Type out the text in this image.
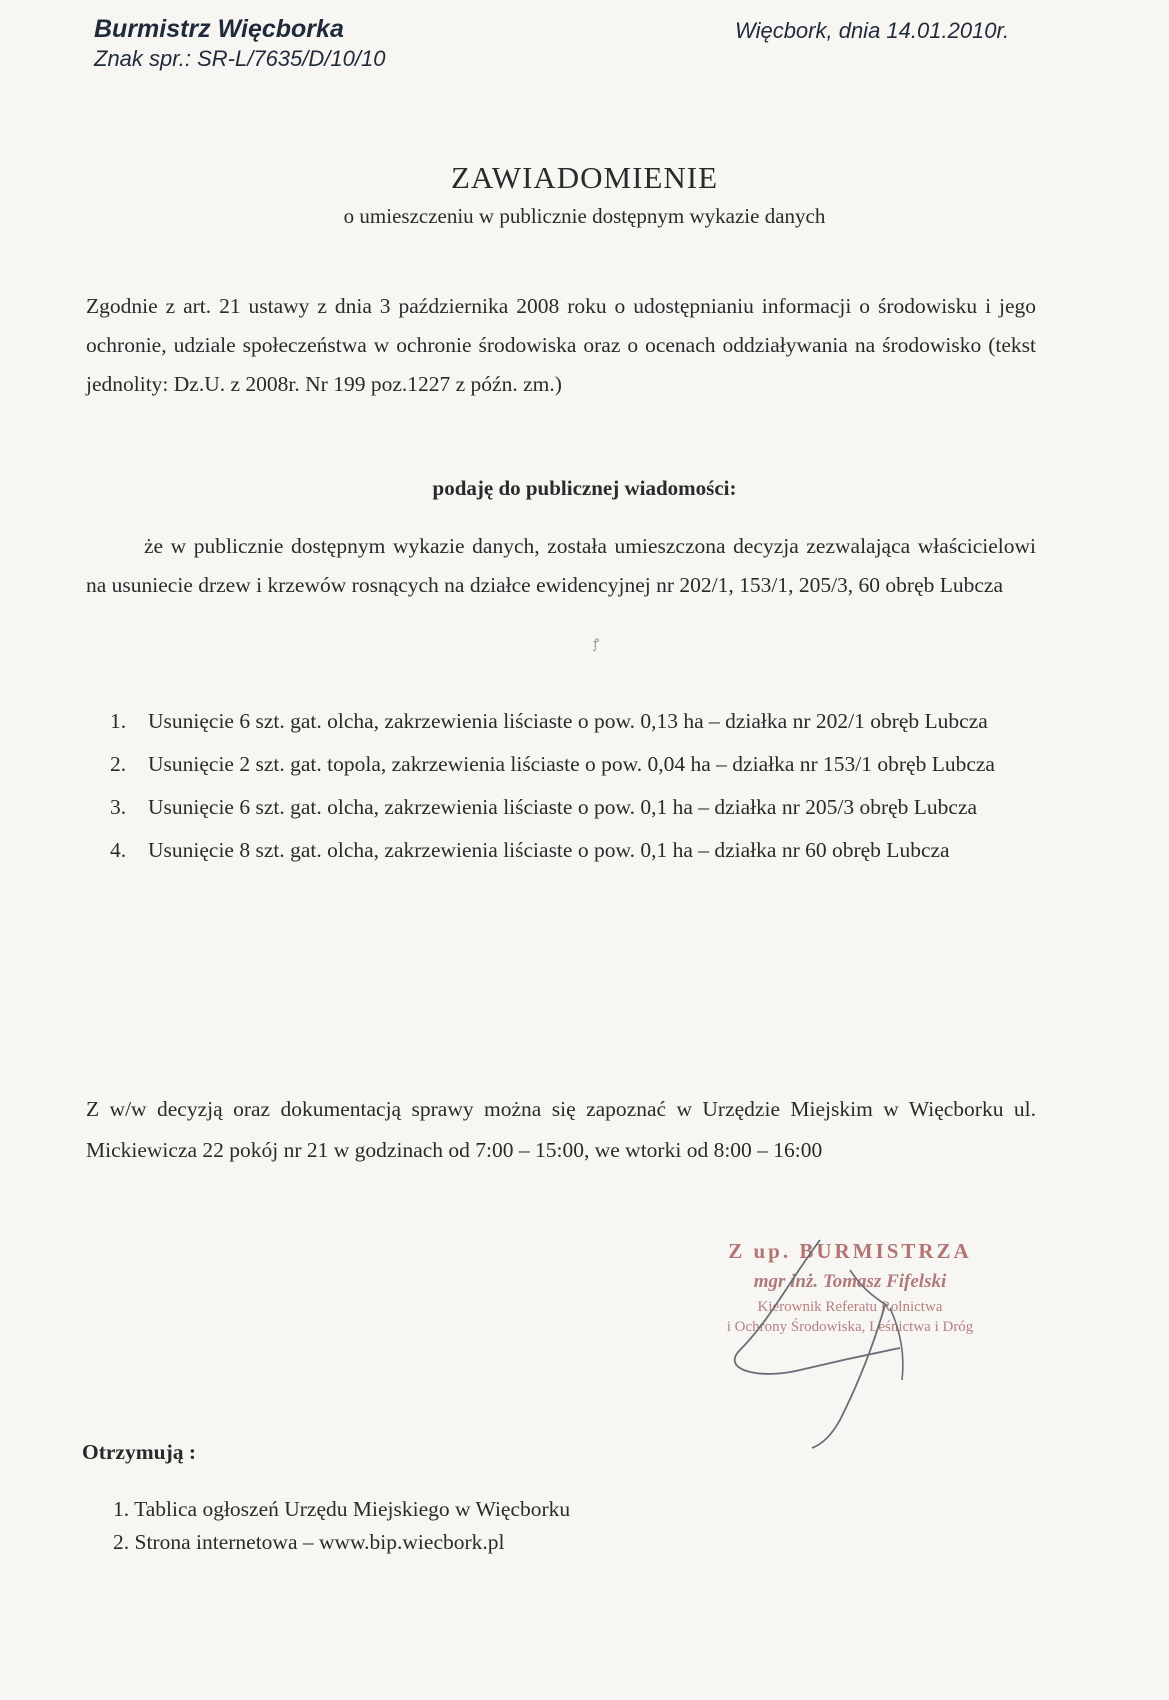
Burmistrz Więcborka
Znak spr.: SR-L/7635/D/10/10
Więcbork, dnia 14.01.2010r.
ZAWIADOMIENIE
o umieszczeniu w publicznie dostępnym wykazie danych
Zgodnie z art. 21 ustawy z dnia 3 października 2008 roku o udostępnianiu informacji o środowisku i jego ochronie, udziale społeczeństwa w ochronie środowiska oraz o ocenach oddziaływania na środowisko (tekst jednolity: Dz.U. z 2008r. Nr 199 poz.1227 z późn. zm.)
podaję do publicznej wiadomości:
że w publicznie dostępnym wykazie danych, została umieszczona decyzja zezwalająca właścicielowi na usuniecie drzew i krzewów rosnących na działce ewidencyjnej nr 202/1, 153/1, 205/3, 60 obręb Lubcza
ꝭ
1.	Usunięcie 6 szt. gat. olcha, zakrzewienia liściaste o pow. 0,13 ha – działka nr 202/1 obręb Lubcza
2.	Usunięcie 2 szt. gat. topola, zakrzewienia liściaste o pow. 0,04 ha – działka nr 153/1 obręb Lubcza
3.	Usunięcie 6 szt. gat. olcha, zakrzewienia liściaste o pow. 0,1 ha – działka nr 205/3 obręb Lubcza
4.	Usunięcie 8 szt. gat. olcha, zakrzewienia liściaste o pow. 0,1 ha – działka nr 60 obręb Lubcza
Z w/w decyzją oraz dokumentacją sprawy można się zapoznać w Urzędzie Miejskim w Więcborku ul. Mickiewicza 22 pokój nr 21 w godzinach od 7:00 – 15:00, we wtorki od 8:00 – 16:00
Z up. BURMISTRZA
mgr inż. Tomasz Fifelski
Kierownik Referatu Rolnictwa
i Ochrony Środowiska, Leśnictwa i Dróg
Otrzymują :
1. Tablica ogłoszeń Urzędu Miejskiego w Więcborku
2. Strona internetowa – www.bip.wiecbork.pl
